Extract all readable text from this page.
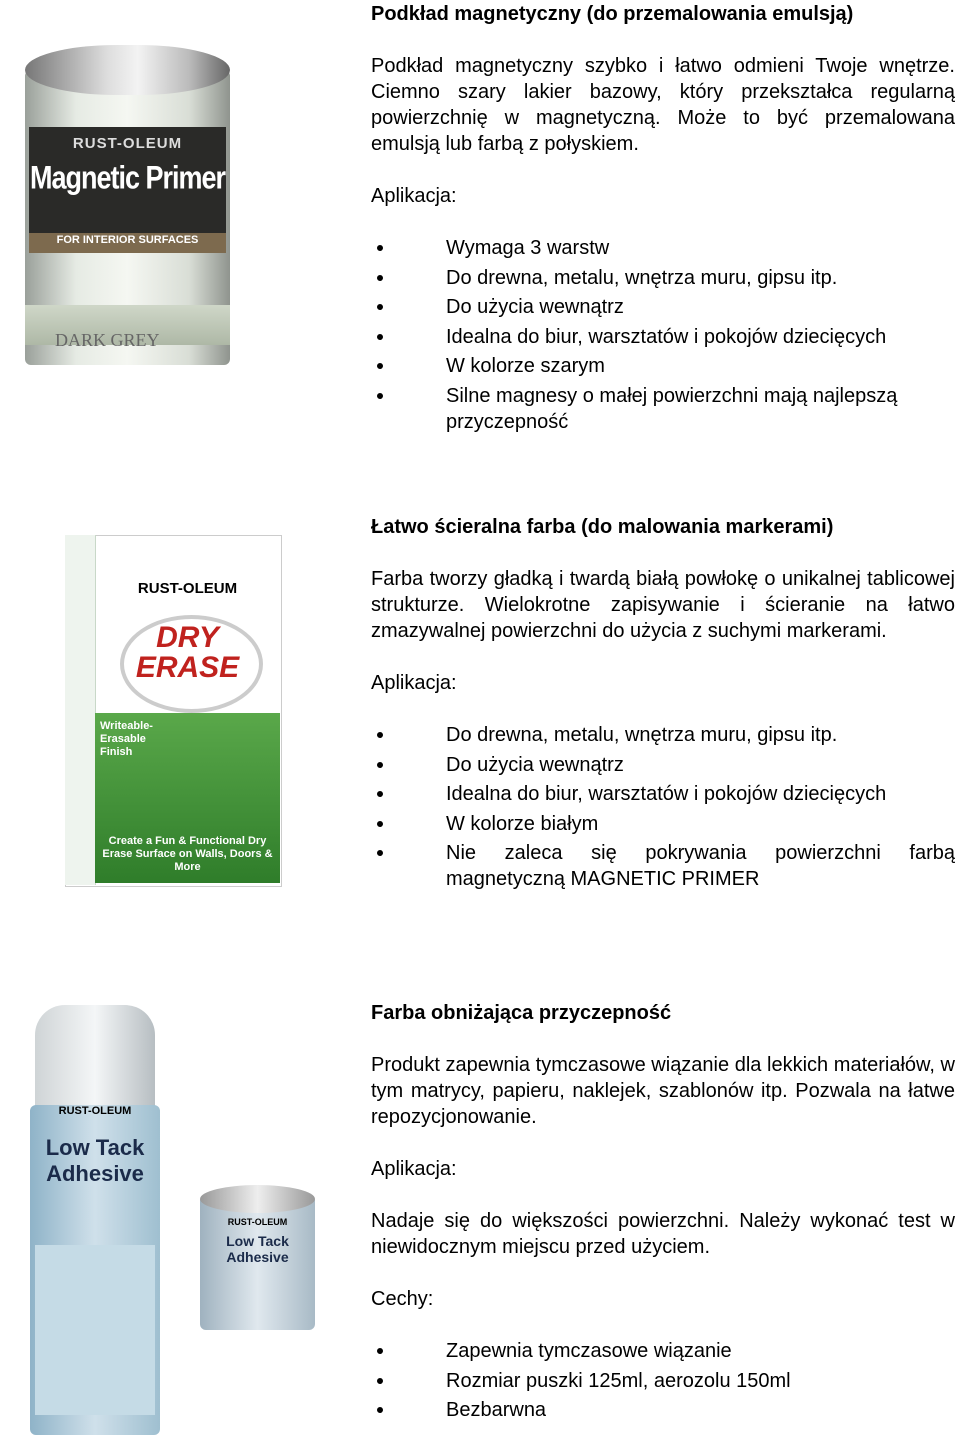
RUST-OLEUM
Magnetic Primer
FOR INTERIOR SURFACES
DARK GREY

Podkład magnetyczny (do przemalowania emulsją)

Podkład magnetyczny szybko i łatwo odmieni Twoje wnętrze. Ciemno szary lakier bazowy, który przekształca regularną powierzchnię w magnetyczną. Może to być przemalowana emulsją lub farbą z połyskiem.

Aplikacja:

Wymaga 3 warstw
Do drewna, metalu, wnętrza muru, gipsu itp.
Do użycia wewnątrz
Idealna do biur, warsztatów i pokojów dziecięcych
W kolorze szarym
Silne magnesy o małej powierzchni mają najlepszą przyczepność
RUST-OLEUM
DRY ERASE
Writeable-Erasable Finish
Create a Fun & Functional Dry Erase Surface on Walls, Doors & More

Łatwo ścieralna farba (do malowania markerami)

Farba tworzy gładką i twardą białą powłokę o unikalnej tablicowej strukturze. Wielokrotne zapisywanie i ścieranie na łatwo zmazywalnej powierzchni do użycia z suchymi markerami.

Aplikacja:

Do drewna, metalu, wnętrza muru, gipsu itp.
Do użycia wewnątrz
Idealna do biur, warsztatów i pokojów dziecięcych
W kolorze białym
Nie zaleca się pokrywania powierzchni farbą magnetyczną MAGNETIC PRIMER
RUST-OLEUM
Low Tack Adhesive
RUST-OLEUM
Low Tack Adhesive

Farba obniżająca przyczepność

Produkt zapewnia tymczasowe wiązanie dla lekkich materiałów, w tym matrycy, papieru, naklejek, szablonów itp. Pozwala na łatwe repozycjonowanie.

Aplikacja:

Nadaje się do większości powierzchni. Należy wykonać test w niewidocznym miejscu przed użyciem.

Cechy:

Zapewnia tymczasowe wiązanie
Rozmiar puszki 125ml, aerozolu 150ml
Bezbarwna
